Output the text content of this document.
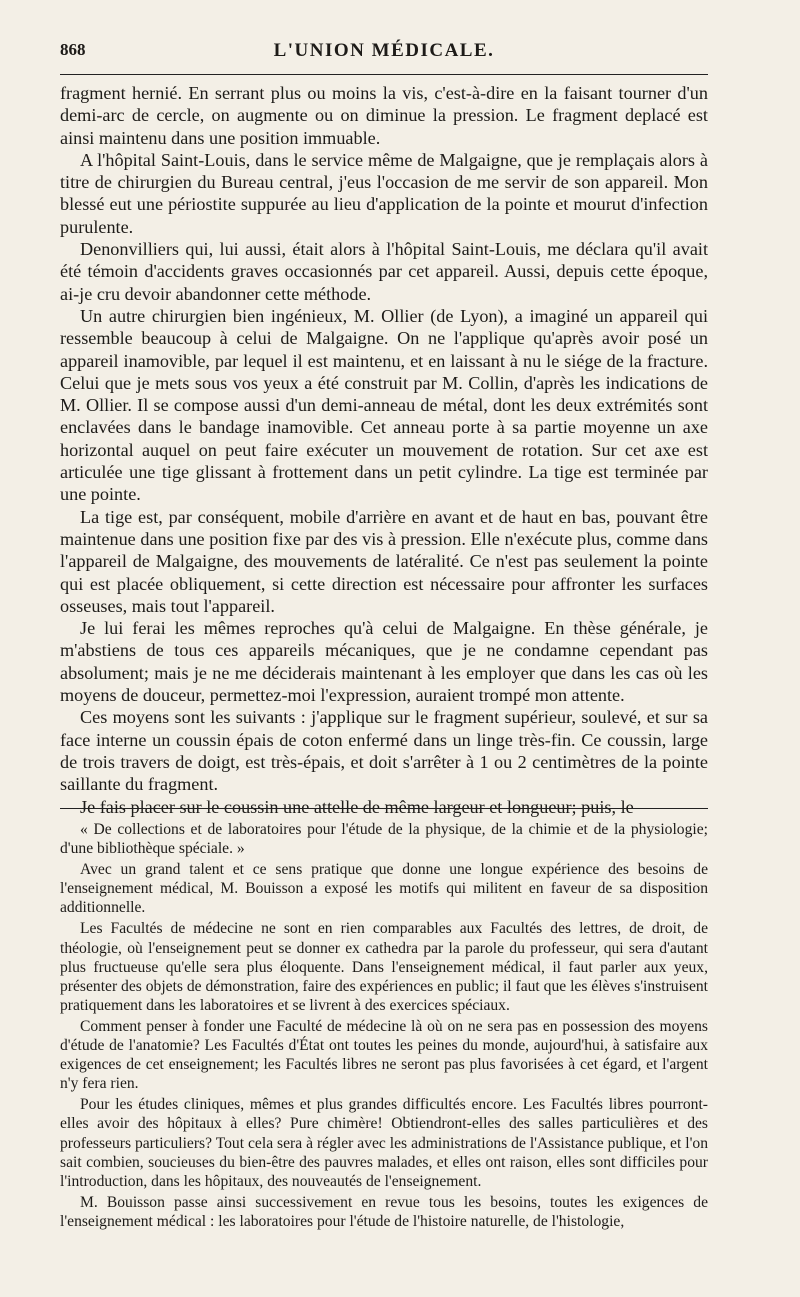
868	L'UNION MÉDICALE.

fragment hernié. En serrant plus ou moins la vis, c'est-à-dire en la faisant tourner d'un demi-arc de cercle, on augmente ou on diminue la pression. Le fragment deplacé est ainsi maintenu dans une position immuable.

A l'hôpital Saint-Louis, dans le service même de Malgaigne, que je remplaçais alors à titre de chirurgien du Bureau central, j'eus l'occasion de me servir de son appareil. Mon blessé eut une périostite suppurée au lieu d'application de la pointe et mourut d'infection purulente.

Denonvilliers qui, lui aussi, était alors à l'hôpital Saint-Louis, me déclara qu'il avait été témoin d'accidents graves occasionnés par cet appareil. Aussi, depuis cette époque, ai-je cru devoir abandonner cette méthode.

Un autre chirurgien bien ingénieux, M. Ollier (de Lyon), a imaginé un appareil qui ressemble beaucoup à celui de Malgaigne. On ne l'applique qu'après avoir posé un appareil inamovible, par lequel il est maintenu, et en laissant à nu le siége de la fracture. Celui que je mets sous vos yeux a été construit par M. Collin, d'après les indications de M. Ollier. Il se compose aussi d'un demi-anneau de métal, dont les deux extrémités sont enclavées dans le bandage inamovible. Cet anneau porte à sa partie moyenne un axe horizontal auquel on peut faire exécuter un mouvement de rotation. Sur cet axe est articulée une tige glissant à frottement dans un petit cylindre. La tige est terminée par une pointe.

La tige est, par conséquent, mobile d'arrière en avant et de haut en bas, pouvant être maintenue dans une position fixe par des vis à pression. Elle n'exécute plus, comme dans l'appareil de Malgaigne, des mouvements de latéralité. Ce n'est pas seulement la pointe qui est placée obliquement, si cette direction est nécessaire pour affronter les surfaces osseuses, mais tout l'appareil.

Je lui ferai les mêmes reproches qu'à celui de Malgaigne. En thèse générale, je m'abstiens de tous ces appareils mécaniques, que je ne condamne cependant pas absolument; mais je ne me déciderais maintenant à les employer que dans les cas où les moyens de douceur, permettez-moi l'expression, auraient trompé mon attente.

Ces moyens sont les suivants : j'applique sur le fragment supérieur, soulevé, et sur sa face interne un coussin épais de coton enfermé dans un linge très-fin. Ce coussin, large de trois travers de doigt, est très-épais, et doit s'arrêter à 1 ou 2 centimètres de la pointe saillante du fragment.

Je fais placer sur le coussin une attelle de même largeur et longueur; puis, le

« De collections et de laboratoires pour l'étude de la physique, de la chimie et de la physiologie; d'une bibliothèque spéciale. »

Avec un grand talent et ce sens pratique que donne une longue expérience des besoins de l'enseignement médical, M. Bouisson a exposé les motifs qui militent en faveur de sa disposition additionnelle.

Les Facultés de médecine ne sont en rien comparables aux Facultés des lettres, de droit, de théologie, où l'enseignement peut se donner ex cathedra par la parole du professeur, qui sera d'autant plus fructueuse qu'elle sera plus éloquente. Dans l'enseignement médical, il faut parler aux yeux, présenter des objets de démonstration, faire des expériences en public; il faut que les élèves s'instruisent pratiquement dans les laboratoires et se livrent à des exercices spéciaux.

Comment penser à fonder une Faculté de médecine là où on ne sera pas en possession des moyens d'étude de l'anatomie? Les Facultés d'État ont toutes les peines du monde, aujourd'hui, à satisfaire aux exigences de cet enseignement; les Facultés libres ne seront pas plus favorisées à cet égard, et l'argent n'y fera rien.

Pour les études cliniques, mêmes et plus grandes difficultés encore. Les Facultés libres pourront-elles avoir des hôpitaux à elles? Pure chimère! Obtiendront-elles des salles particulières et des professeurs particuliers? Tout cela sera à régler avec les administrations de l'Assistance publique, et l'on sait combien, soucieuses du bien-être des pauvres malades, et elles ont raison, elles sont difficiles pour l'introduction, dans les hôpitaux, des nouveautés de l'enseignement.

M. Bouisson passe ainsi successivement en revue tous les besoins, toutes les exigences de l'enseignement médical : les laboratoires pour l'étude de l'histoire naturelle, de l'histologie,
